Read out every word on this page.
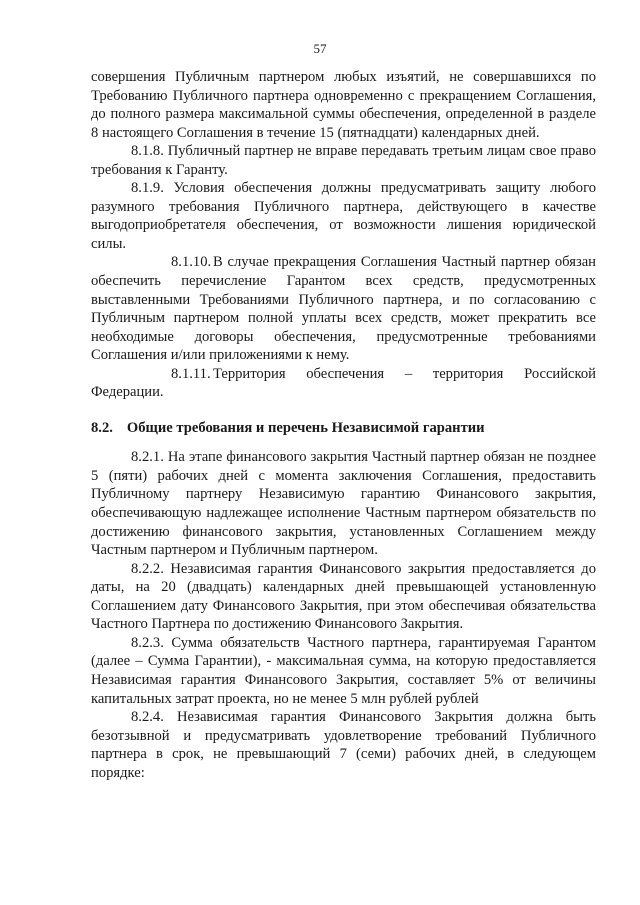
57

совершения Публичным партнером любых изъятий, не совершавшихся по Требованию Публичного партнера одновременно с прекращением Соглашения, до полного размера максимальной суммы обеспечения, определенной в разделе 8 настоящего Соглашения в течение 15 (пятнадцати) календарных дней.

8.1.8. Публичный партнер не вправе передавать третьим лицам свое право требования к Гаранту.

8.1.9. Условия обеспечения должны предусматривать защиту любого разумного требования Публичного партнера, действующего в качестве выгодоприобретателя обеспечения, от возможности лишения юридической силы.

8.1.10. В случае прекращения Соглашения Частный партнер обязан обеспечить перечисление Гарантом всех средств, предусмотренных выставленными Требованиями Публичного партнера, и по согласованию с Публичным партнером полной уплаты всех средств, может прекратить все необходимые договоры обеспечения, предусмотренные требованиями Соглашения и/или приложениями к нему.

8.1.11. Территория обеспечения – территория Российской Федерации.

8.2. Общие требования и перечень Независимой гарантии

8.2.1. На этапе финансового закрытия Частный партнер обязан не позднее 5 (пяти) рабочих дней с момента заключения Соглашения, предоставить Публичному партнеру Независимую гарантию Финансового закрытия, обеспечивающую надлежащее исполнение Частным партнером обязательств по достижению финансового закрытия, установленных Соглашением между Частным партнером и Публичным партнером.

8.2.2. Независимая гарантия Финансового закрытия предоставляется до даты, на 20 (двадцать) календарных дней превышающей установленную Соглашением дату Финансового Закрытия, при этом обеспечивая обязательства Частного Партнера по достижению Финансового Закрытия.

8.2.3. Сумма обязательств Частного партнера, гарантируемая Гарантом (далее – Сумма Гарантии), - максимальная сумма, на которую предоставляется Независимая гарантия Финансового Закрытия, составляет 5% от величины капитальных затрат проекта, но не менее 5 млн рублей рублей

8.2.4. Независимая гарантия Финансового Закрытия должна быть безотзывной и предусматривать удовлетворение требований Публичного партнера в срок, не превышающий 7 (семи) рабочих дней, в следующем порядке:
